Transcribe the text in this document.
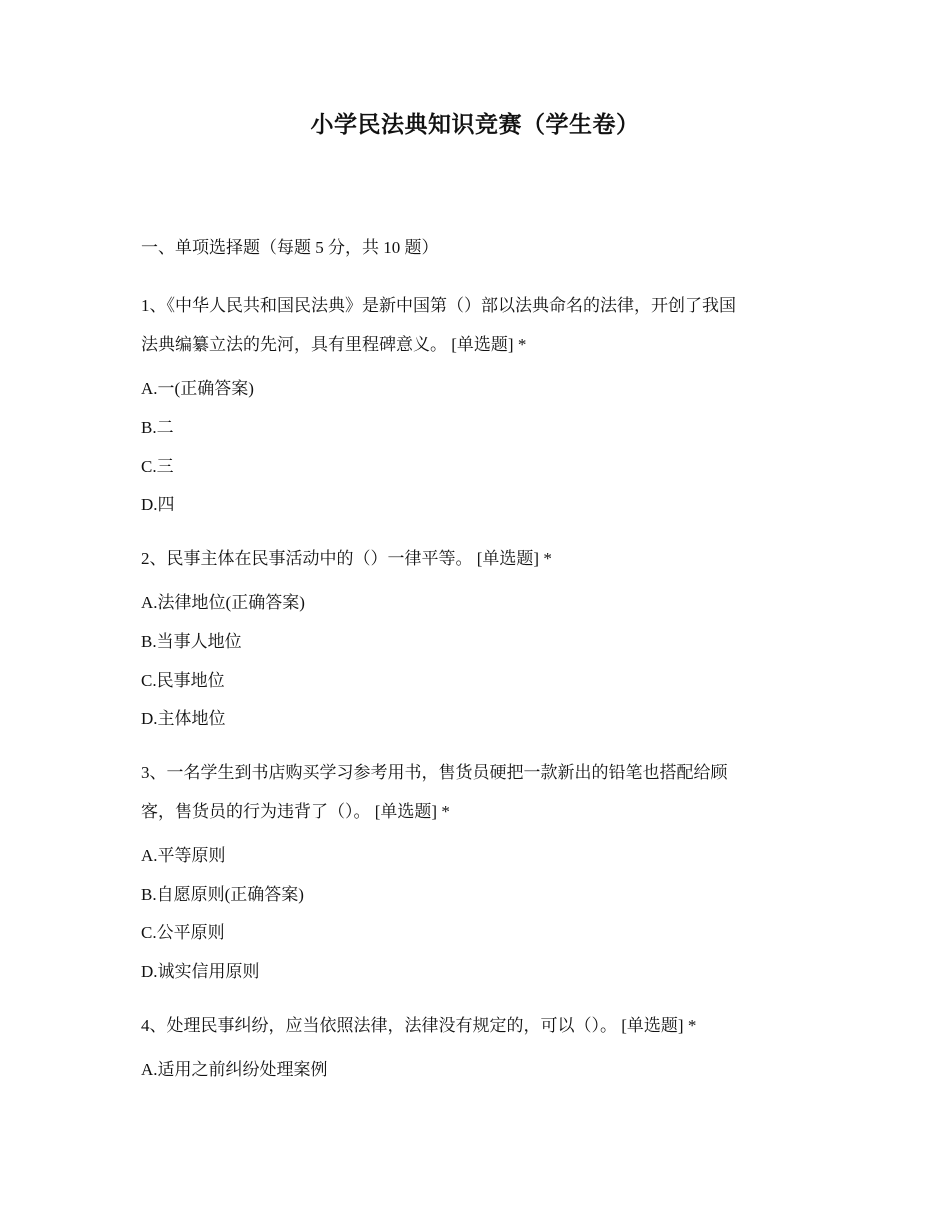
小学民法典知识竞赛（学生卷）
一、单项选择题（每题 5 分，共 10 题）
1、《中华人民共和国民法典》是新中国第（）部以法典命名的法律，开创了我国
法典编纂立法的先河，具有里程碑意义。 [单选题] *
A.一(正确答案)
B.二
C.三
D.四
2、民事主体在民事活动中的（）一律平等。 [单选题] *
A.法律地位(正确答案)
B.当事人地位
C.民事地位
D.主体地位
3、一名学生到书店购买学习参考用书，售货员硬把一款新出的铅笔也搭配给顾
客，售货员的行为违背了（）。 [单选题] *
A.平等原则
B.自愿原则(正确答案)
C.公平原则
D.诚实信用原则
4、处理民事纠纷，应当依照法律，法律没有规定的，可以（）。 [单选题] *
A.适用之前纠纷处理案例
